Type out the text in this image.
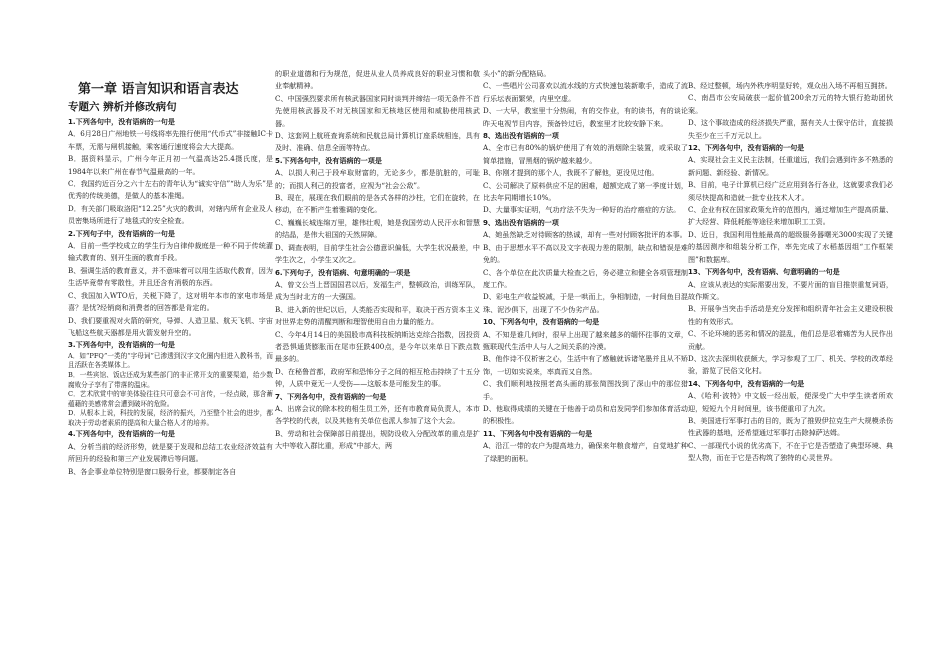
第一章 语言知识和语言表达
专题六 辨析并修改病句
1.下列各句中，没有语病的一句是
A．6月28日广州地铁一号线将率先推行使用“代币式”非接触IC卡车票，无需与闸机接触，乘客通行速度将会大大提高。
B．据资料显示，广州今年正月初一气温高达25.4摄氏度，是1984年以来广州在春节气温最高的一年。
C．我国约近百分之六十左右的青年认为“诚实守信”“助人为乐”是优秀的传统美德，是做人的基本准绳。
D．有关部门吸取洛阳“12.25”火灾的教训，对辖内所有企业及人员密集场所进行了地毯式的安全检查。
2.下列句子中，没有语病的一句是
A．目前一些学校成立的学生行为自律仲裁庭是一种不同于传统灌输式教育的、别开生面的教育手段。
B、强调生活的教育意义，并不意味着可以用生活取代教育，因为生活毕竟带有零散性，并且还含有消极的东西。
C、我国加入WTO后，关税下降了，这对明年本市的家电市场是喜？是忧?经销商和消费者的回答都是肯定的。
D、我们要重视对火箭的研究，导弹、人造卫星、航天飞机、宇宙飞船这些航天器都是用火箭发射升空的。
3.下列各句中，没有语病的一句是
A．如“PFQ”一类的“字母词”已渗透到汉字文化圈内但进入教科书，而且活跃在各类媒体上。
B．一些宾馆、饭店还成为某些部门的非正常开支的重要渠道，给少数腐败分子享有了带落的温床。
C．艺术欣赏中的审美体验往往只可意会不可言传，一经点破，那含蓄蕴藉的美感常常会遭到破坏的危险。
D．从根本上说，科技的发展，经济的振兴，乃至整个社会的进步，都取决于劳动者素质的提高和大量合格人才的培养。
4.下列各句中，没有语病的一句是
A、分析当前的经济形势，就是要于发现和总结工农业经济效益有所回升的经验和第三产业发展滞后等问题。
B、各企事业单位特别是窗口服务行业，都要制定各自
的职业道德和行为规范，促进从业人员养成良好的职业习惯和敬业奉献精神。
C、中国强烈要求所有核武器国家同时谈判并缔结一项无条件不首先使用核武器及不对无核国家和无核地区使用和威胁使用核武器。
D、这套网上航班查询系统和民航总局计算机订座系统相连，具有及时、准确、信息全面等特点。
5.下列各句中，没有语病的一项是
A、以损人利己于段牟取财富的，无论多少，都是肮脏的，可耻的；而损人利己的投富者，应视为“社会公敌”。
B、现在，展现在我们眼前的是各式各样的沙柱，它们在旋转，在移动，在不断产生着雅调的变化。
C、巍巍长城连绵万里，雄伟壮观，她是我国劳动人民汗水和智慧的结晶，是伟大祖国的天然屏障。
D、调查表明，目前学生社会公德意识偏低，大学生状况最差，中学生次之，小学生又次之。
6.下列句子，没有语病、句意明确的一项是
A、曾文公当上晋国国君以后，发福生产，整顿政治，训练军队，成为当时北方的一大强国。
B、进入新的世纪以后，人类能否实现和平，取决于西方资本主义对世界走势的清醒判断和理智使用自由力量的能力。
C、今年4月14日的美国股市高科技板纳斯达克综合指数，因投资者恐惧通货膨胀而在尾市狂跌400点，是今年以来单日下跌点数最多的。
D、在秘鲁首都，政府军和恐怖分子之间的相互枪击持续了十五分钟，人质中竟无一人受伤——这版本是可能发生的事。
7、下列各句中，没有语病的一句是
A、出席会议的除本校的相生员工外，还有市教育局负责人，本市各学校的代表，以及其他有关单位也派人参加了这个大会。
B、劳动和社会保障部日前提出，规防设收入分配改革的重点是扩大中等收入群比重，形成“中部大，两
头小”的新分配格局。
C、一些唱片公司喜欢以流水线的方式快速包装新歌手，造成了流行乐坛表面繁荣，内里空虚。
D、一大早，教室里十分热闹，有的交作业，有的读书，有的谈论昨天电视节目内容，预备铃过后，教室里才比较安静下来。
8、选出没有语病的一项
A、全市已有80%的锅炉使用了有效的消烟除尘装置，或采取了简单措施，冒黑烟的锅炉越来越少。
B、你刚才提到的那个人，我既不了解他，更没见过他。
C、公司解决了原料供应不足的困难，超额完成了第一季度计划，比去年同期增长10%。
D、大量事实证明，气功疗法不失为一种好的治疗癌症的方法。
9、选出没有语病的一项
A、她虽然缺乏对待顾客的热诚，却有一些对付顾客批评的本事。
B、由于思想水平不高以及文字表现力差的限制，缺点和错误是难免的。
C、各个单位在此次质量大检查之后，务必建立和健全各项管理制度工作。
D、彩电生产收益锐减，于是一哄而上，争相制造，一时间鱼目混珠、泥沙俱下，出现了不少伪劣产品。
10、下列各句中，没有语病的一句是
A、不知是谁几何时，很早上出现了越来越多的缅怀往事的文章，甄联现代生活中人与人之间关系的冷漠。
B、他作诗不仅析害之心，生活中有了感触就诉诸笔墨并且从不矫饰，一切如实说来，率真而又自然。
C、我们顺利地按照老高头画的那张简图找到了深山中的那位猎手。
D、他取得成绩的关键在于他善于动员和启发同学们参加体育活动的积极性。
11、下列各句中没有语病的一句是
A、沿江一带的农户为提高地力，确保来年粮食增产，自觉地扩种了绿肥的面积。
B、经过整顿，场内外秩序明显好转，观众出入场不再相互拥挤。
C、南昌市公安局破获一起价值200余万元的特大银行抢劫团伙案。
D、这个事故造成的经济损失严重，据有关人士保守估计，直接损失至少在三千万元以上。
12、下列各句中，没有语病的一句是
A、实现社会主义民主法制，任重道远，我们会遇到许多不熟悉的新问题、新经验、新情况。
B、目前，电子计算机已经广泛应用到各行各业，这就要求我们必须尽快提高和造就一批专业技术人才。
C、企业有权在国家政策允许的范围内，通过增加生产提高质量、扩大经营、降低耗能等途径来增加职工工资。
D、近日，我国利用性能最高的超级服务器曙光3000实现了关键的基因测序和组装分析工作，率先完成了水稻基因组“工作框架图”和数据库。
13、下列各句中，没有语病、句意明确的一句是
A、应该从表达的实际需要出发，不要片面的盲目推崇重复词语，故作斯文。
B、开展争当突击手活动是充分发挥和组织青年社会主义建设积极性的有效形式。
C、不论环境的恶劣和情况的混乱，他们总是忍着痛苦为人民作出贡献。
D、这次去深圳收获颇大，学习参观了工厂、机关、学校的改革经验，游览了民俗文化村。
14、下列各句中，没有语病的一句是
A、《哈利·波特》中文版一经出版，便深受广大中学生读者所欢迎，短短九个月时间里，该书便重印了九次。
B、美国进行军事打击的目的，既为了推毁伊拉克生产大规模杀伤性武器的基地，还希望通过军事打击除掉萨达姆。
C、一部现代小说的优劣高下，不在于它是否塑造了典型环境、典型人物，而在于它是否构筑了独特的心灵世界。
